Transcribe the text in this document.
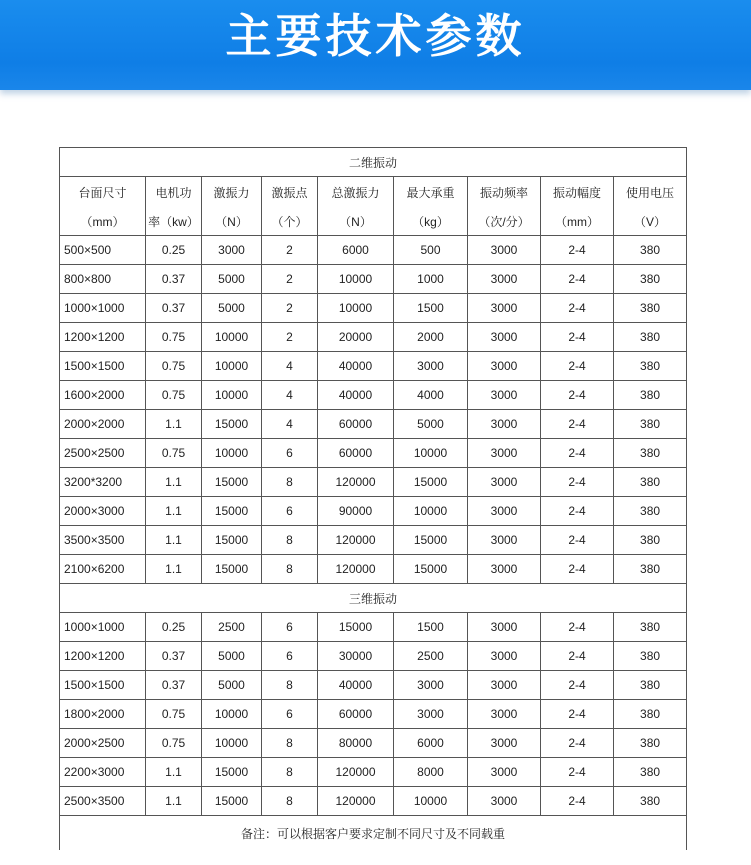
主要技术参数
二维振动								
台面尺寸	电机功	激振力	激振点	总激振力	最大承重	振动频率	振动幅度	使用电压
（mm）	率（kw）	（N）	（个）	（N）	（kg）	（次/分）	（mm）	（V）
500×500	0.25	3000	2	6000	500	3000	2-4	380
800×800	0.37	5000	2	10000	1000	3000	2-4	380
1000×1000	0.37	5000	2	10000	1500	3000	2-4	380
1200×1200	0.75	10000	2	20000	2000	3000	2-4	380
1500×1500	0.75	10000	4	40000	3000	3000	2-4	380
1600×2000	0.75	10000	4	40000	4000	3000	2-4	380
2000×2000	1.1	15000	4	60000	5000	3000	2-4	380
2500×2500	0.75	10000	6	60000	10000	3000	2-4	380
3200*3200	1.1	15000	8	120000	15000	3000	2-4	380
2000×3000	1.1	15000	6	90000	10000	3000	2-4	380
3500×3500	1.1	15000	8	120000	15000	3000	2-4	380
2100×6200	1.1	15000	8	120000	15000	3000	2-4	380
三维振动								
1000×1000	0.25	2500	6	15000	1500	3000	2-4	380
1200×1200	0.37	5000	6	30000	2500	3000	2-4	380
1500×1500	0.37	5000	8	40000	3000	3000	2-4	380
1800×2000	0.75	10000	6	60000	3000	3000	2-4	380
2000×2500	0.75	10000	8	80000	6000	3000	2-4	380
2200×3000	1.1	15000	8	120000	8000	3000	2-4	380
2500×3500	1.1	15000	8	120000	10000	3000	2-4	380
备注：可以根据客户要求定制不同尺寸及不同载重								
